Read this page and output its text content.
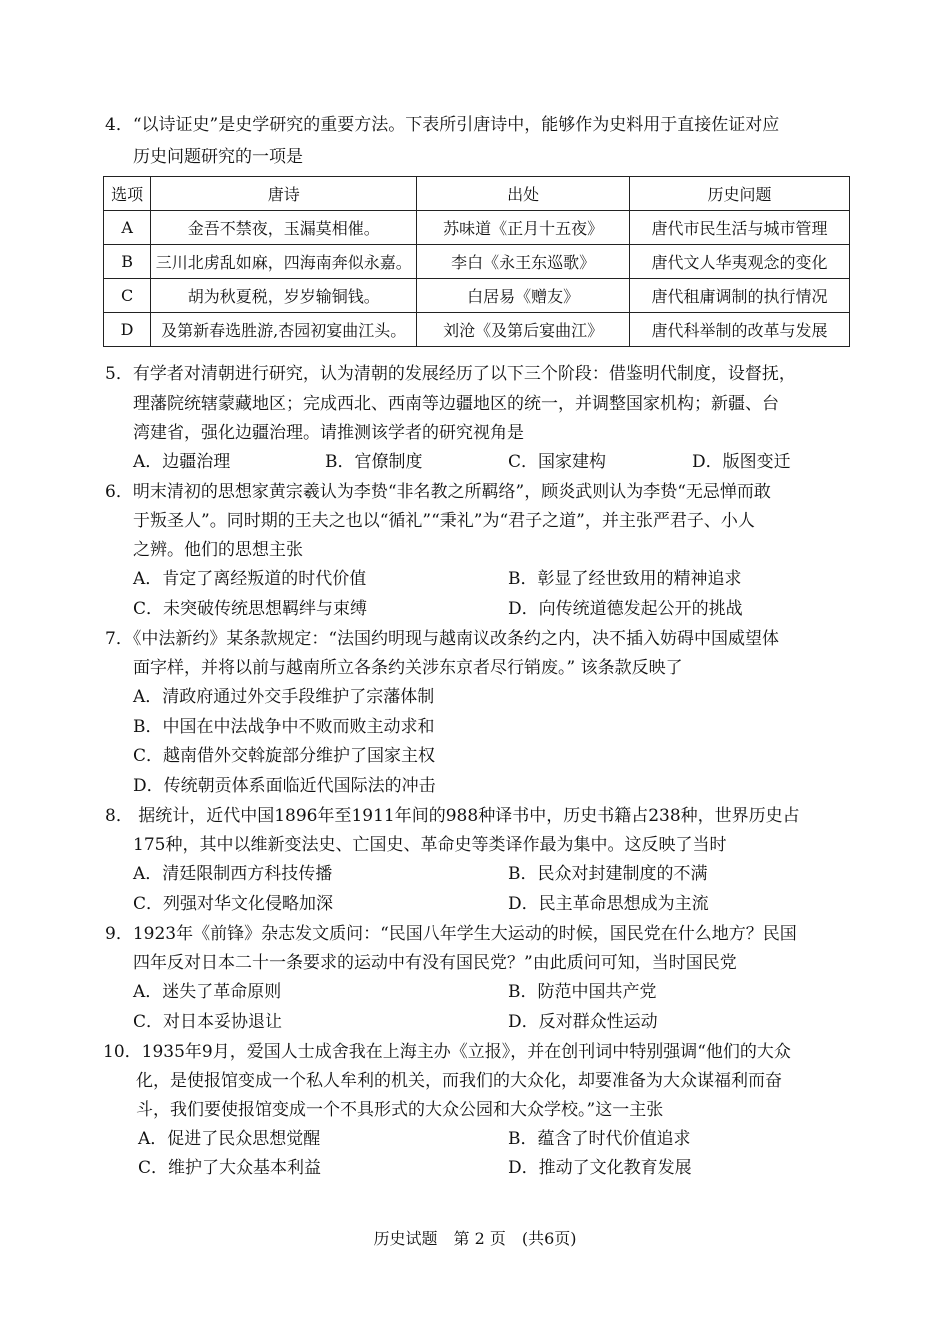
4．“以诗证史”是史学研究的重要方法。下表所引唐诗中，能够作为史料用于直接佐证对应
历史问题研究的一项是
选项	唐诗	出处	历史问题
A	金吾不禁夜，玉漏莫相催。	苏味道《正月十五夜》	唐代市民生活与城市管理
B	三川北虏乱如麻，四海南奔似永嘉。	李白《永王东巡歌》	唐代文人华夷观念的变化
C	胡为秋夏税，岁岁输铜钱。	白居易《赠友》	唐代租庸调制的执行情况
D	及第新春选胜游,杏园初宴曲江头。	刘沧《及第后宴曲江》	唐代科举制的改革与发展
5．有学者对清朝进行研究，认为清朝的发展经历了以下三个阶段：借鉴明代制度，设督抚，
理藩院统辖蒙藏地区；完成西北、西南等边疆地区的统一，并调整国家机构；新疆、台
湾建省，强化边疆治理。请推测该学者的研究视角是
A．边疆治理	B．官僚制度	C．国家建构	D．版图变迁
6．明末清初的思想家黄宗羲认为李贽“非名教之所羁络”，顾炎武则认为李贽“无忌惮而敢
于叛圣人”。同时期的王夫之也以“循礼”“秉礼”为“君子之道”，并主张严君子、小人
之辨。他们的思想主张
A．肯定了离经叛道的时代价值	B．彰显了经世致用的精神追求
C．未突破传统思想羁绊与束缚	D．向传统道德发起公开的挑战
7．《中法新约》某条款规定：“法国约明现与越南议改条约之内，决不插入妨碍中国威望体
面字样，并将以前与越南所立各条约关涉东京者尽行销废。” 该条款反映了
A．清政府通过外交手段维护了宗藩体制
B．中国在中法战争中不败而败主动求和
C．越南借外交斡旋部分维护了国家主权
D．传统朝贡体系面临近代国际法的冲击
8． 据统计，近代中国1896年至1911年间的988种译书中，历史书籍占238种，世界历史占
175种，其中以维新变法史、亡国史、革命史等类译作最为集中。这反映了当时
A．清廷限制西方科技传播	B．民众对封建制度的不满
C．列强对华文化侵略加深	D．民主革命思想成为主流
9．1923年《前锋》杂志发文质问：“民国八年学生大运动的时候，国民党在什么地方？民国
四年反对日本二十一条要求的运动中有没有国民党？”由此质问可知，当时国民党
A．迷失了革命原则	B．防范中国共产党
C．对日本妥协退让	D．反对群众性运动
10．1935年9月，爱国人士成舍我在上海主办《立报》，并在创刊词中特别强调“他们的大众
化，是使报馆变成一个私人牟利的机关，而我们的大众化，却要准备为大众谋福利而奋
斗，我们要使报馆变成一个不具形式的大众公园和大众学校。”这一主张
A．促进了民众思想觉醒	B．蕴含了时代价值追求
C．维护了大众基本利益	D．推动了文化教育发展
历史试题　第 2 页　(共6页)
